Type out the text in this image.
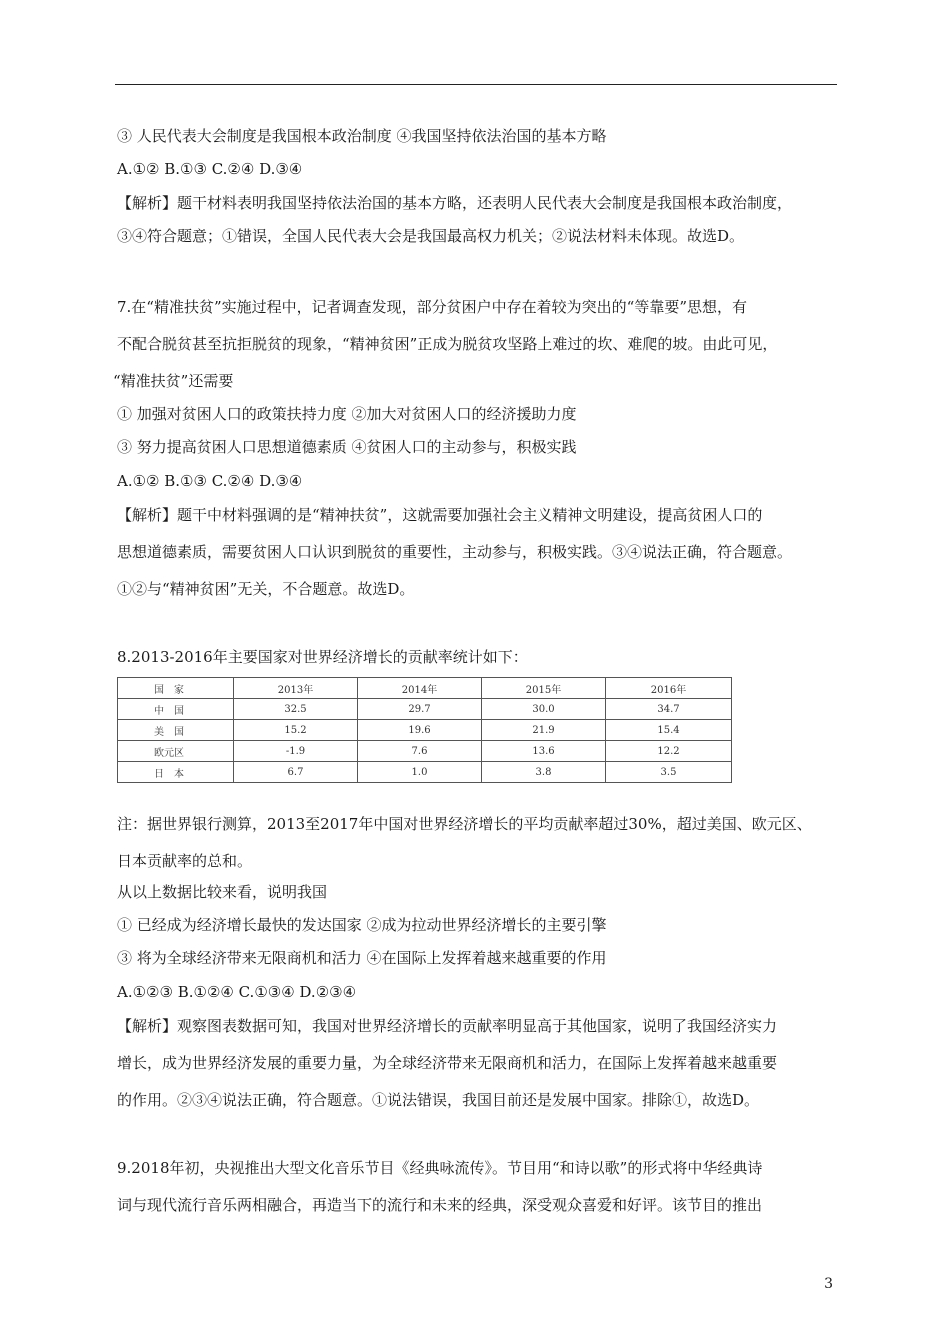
③ 人民代表大会制度是我国根本政治制度 ④我国坚持依法治国的基本方略
A.①② B.①③ C.②④ D.③④
【解析】题干材料表明我国坚持依法治国的基本方略，还表明人民代表大会制度是我国根本政治制度，
③④符合题意；①错误，全国人民代表大会是我国最高权力机关；②说法材料未体现。故选D。
7.在“精准扶贫”实施过程中，记者调查发现，部分贫困户中存在着较为突出的“等靠要”思想，有
不配合脱贫甚至抗拒脱贫的现象，“精神贫困”正成为脱贫攻坚路上难过的坎、难爬的坡。由此可见，
“精准扶贫”还需要
① 加强对贫困人口的政策扶持力度 ②加大对贫困人口的经济援助力度
③ 努力提高贫困人口思想道德素质 ④贫困人口的主动参与，积极实践
A.①② B.①③ C.②④ D.③④
【解析】题干中材料强调的是“精神扶贫”，这就需要加强社会主义精神文明建设，提高贫困人口的
思想道德素质，需要贫困人口认识到脱贫的重要性，主动参与，积极实践。③④说法正确，符合题意。
①②与“精神贫困”无关，不合题意。故选D。
8.2013-2016年主要国家对世界经济增长的贡献率统计如下：
注：据世界银行测算，2013至2017年中国对世界经济增长的平均贡献率超过30%，超过美国、欧元区、
日本贡献率的总和。
从以上数据比较来看，说明我国
① 已经成为经济增长最快的发达国家 ②成为拉动世界经济增长的主要引擎
③ 将为全球经济带来无限商机和活力 ④在国际上发挥着越来越重要的作用
A.①②③ B.①②④ C.①③④ D.②③④
【解析】观察图表数据可知，我国对世界经济增长的贡献率明显高于其他国家，说明了我国经济实力
增长，成为世界经济发展的重要力量，为全球经济带来无限商机和活力，在国际上发挥着越来越重要
的作用。②③④说法正确，符合题意。①说法错误，我国目前还是发展中国家。排除①，故选D。
9.2018年初，央视推出大型文化音乐节目《经典咏流传》。节目用“和诗以歌”的形式将中华经典诗
词与现代流行音乐两相融合，再造当下的流行和未来的经典，深受观众喜爱和好评。该节目的推出
国　家	2013年	2014年	2015年	2016年
中　国	32.5	29.7	30.0	34.7
美　国	15.2	19.6	21.9	15.4
欧元区	-1.9	7.6	13.6	12.2
日　本	6.7	1.0	3.8	3.5
3
